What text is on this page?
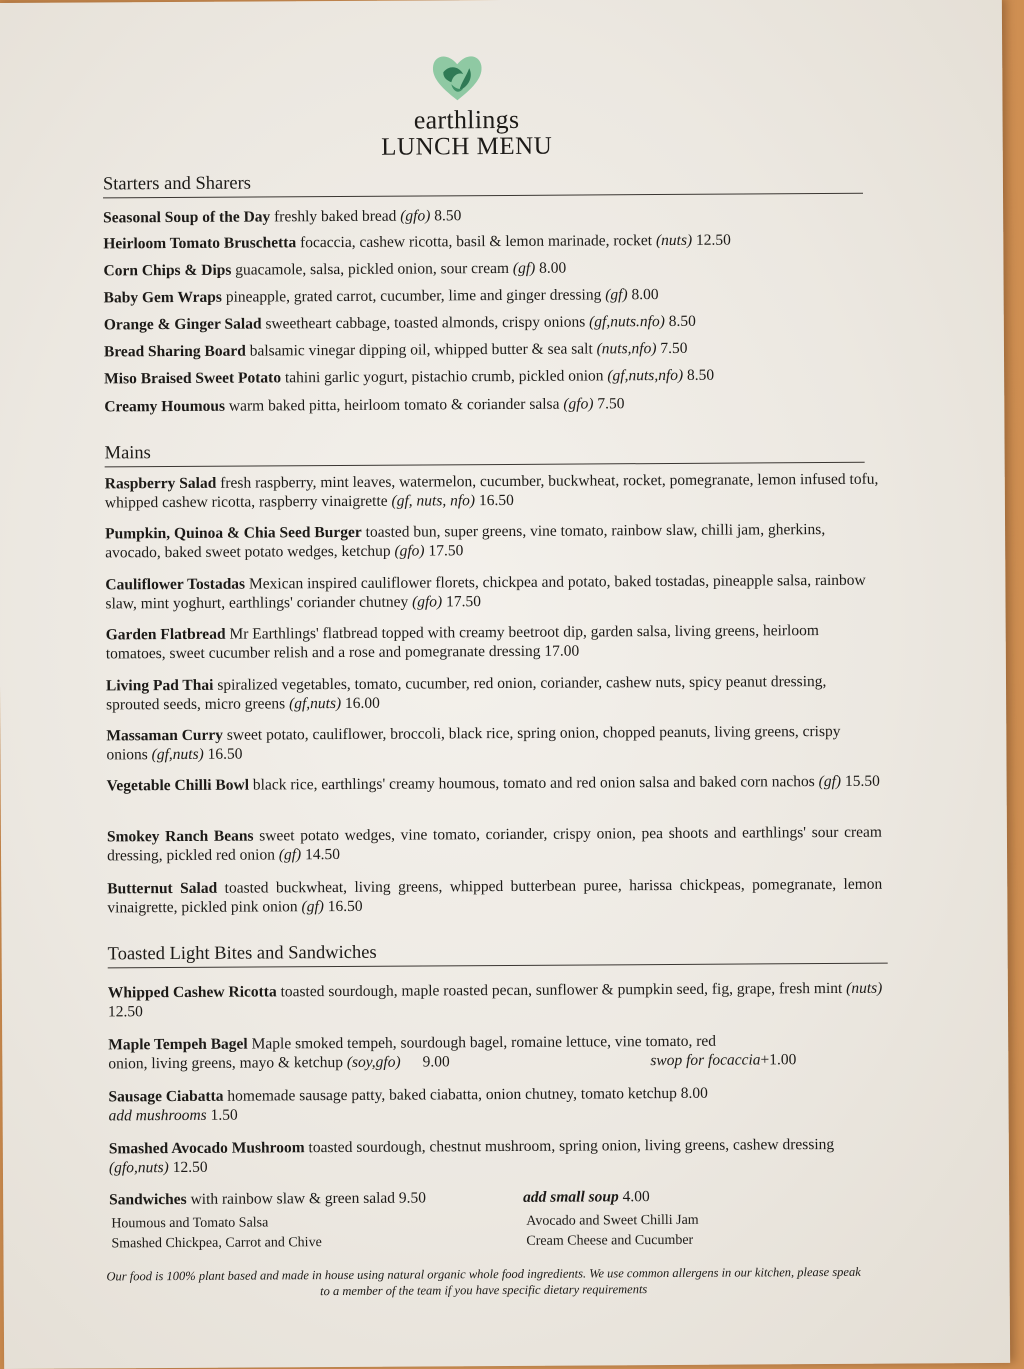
earthlings
LUNCH MENU
Starters and Sharers
Seasonal Soup of the Day freshly baked bread (gfo) 8.50
Heirloom Tomato Bruschetta focaccia, cashew ricotta, basil & lemon marinade, rocket (nuts) 12.50
Corn Chips & Dips guacamole, salsa, pickled onion, sour cream (gf) 8.00
Baby Gem Wraps pineapple, grated carrot, cucumber, lime and ginger dressing (gf) 8.00
Orange & Ginger Salad sweetheart cabbage, toasted almonds, crispy onions (gf,nuts.nfo) 8.50
Bread Sharing Board balsamic vinegar dipping oil, whipped butter & sea salt (nuts,nfo) 7.50
Miso Braised Sweet Potato tahini garlic yogurt, pistachio crumb, pickled onion (gf,nuts,nfo) 8.50
Creamy Houmous warm baked pitta, heirloom tomato & coriander salsa (gfo) 7.50
Mains
Raspberry Salad fresh raspberry, mint leaves, watermelon, cucumber, buckwheat, rocket, pomegranate, lemon infused tofu, whipped cashew ricotta, raspberry vinaigrette (gf, nuts, nfo) 16.50
Pumpkin, Quinoa & Chia Seed Burger toasted bun, super greens, vine tomato, rainbow slaw, chilli jam, gherkins, avocado, baked sweet potato wedges, ketchup (gfo) 17.50
Cauliflower Tostadas Mexican inspired cauliflower florets, chickpea and potato, baked tostadas, pineapple salsa, rainbow slaw, mint yoghurt, earthlings' coriander chutney (gfo) 17.50
Garden Flatbread Mr Earthlings' flatbread topped with creamy beetroot dip, garden salsa, living greens, heirloom tomatoes, sweet cucumber relish and a rose and pomegranate dressing 17.00
Living Pad Thai spiralized vegetables, tomato, cucumber, red onion, coriander, cashew nuts, spicy peanut dressing, sprouted seeds, micro greens (gf,nuts) 16.00
Massaman Curry sweet potato, cauliflower, broccoli, black rice, spring onion, chopped peanuts, living greens, crispy onions (gf,nuts) 16.50
Vegetable Chilli Bowl black rice, earthlings' creamy houmous, tomato and red onion salsa and baked corn nachos (gf) 15.50
Smokey Ranch Beans sweet potato wedges, vine tomato, coriander, crispy onion, pea shoots and earthlings' sour cream dressing, pickled red onion (gf) 14.50
Butternut Salad toasted buckwheat, living greens, whipped butterbean puree, harissa chickpeas, pomegranate, lemon vinaigrette, pickled pink onion (gf) 16.50
Toasted Light Bites and Sandwiches
Whipped Cashew Ricotta toasted sourdough, maple roasted pecan, sunflower & pumpkin seed, fig, grape, fresh mint (nuts) 12.50
Maple Tempeh Bagel Maple smoked tempeh, sourdough bagel, romaine lettuce, vine tomato, red
onion, living greens, mayo & ketchup (soy,gfo) 9.00	swop for focaccia+1.00
Sausage Ciabatta homemade sausage patty, baked ciabatta, onion chutney, tomato ketchup 8.00
add mushrooms 1.50
Smashed Avocado Mushroom toasted sourdough, chestnut mushroom, spring onion, living greens, cashew dressing (gfo,nuts) 12.50
Sandwiches with rainbow slaw & green salad 9.50	add small soup 4.00
Houmous and Tomato Salsa
Smashed Chickpea, Carrot and Chive
Avocado and Sweet Chilli Jam
Cream Cheese and Cucumber
Our food is 100% plant based and made in house using natural organic whole food ingredients. We use common allergens in our kitchen, please speak to a member of the team if you have specific dietary requirements
